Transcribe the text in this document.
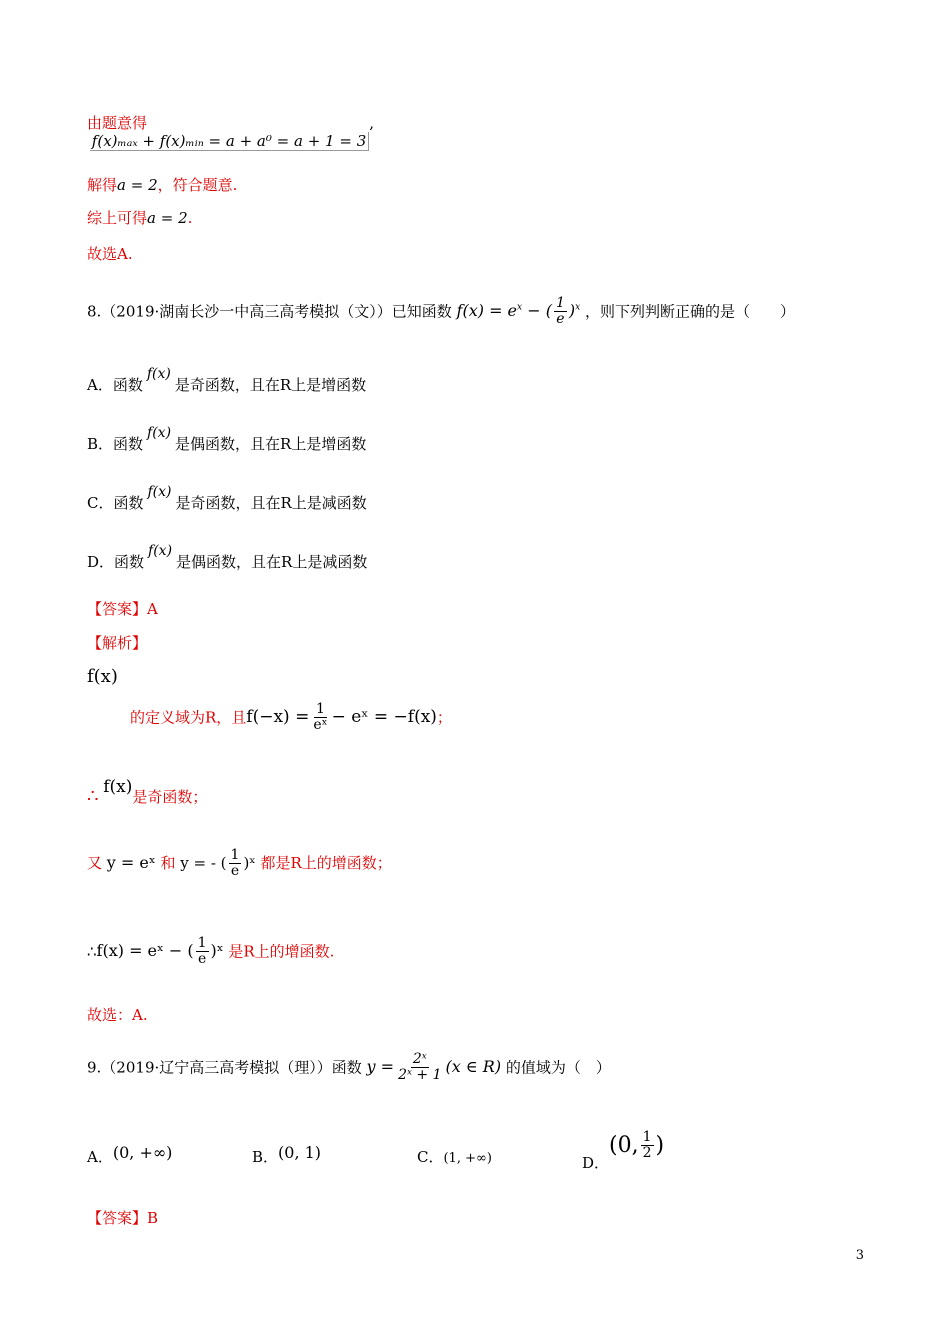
由题意得 f(x)ₘₐₓ + f(x)ₘᵢₙ = a + a⁰ = a + 1 = 3,
解得a = 2，符合题意.
综上可得a = 2.
故选A.
8.（2019·湖南长沙一中高三高考模拟（文））已知函数 $f(x) = e^x$ − ( $\frac{1}{e} )^x$ ，则下列判断正确的是（　　）
A．函数f(x)是奇函数，且在R上是增函数
B．函数f(x)是偶函数，且在R上是增函数
C．函数f(x)是奇函数，且在R上是减函数
D．函数f(x)是偶函数，且在R上是减函数
【答案】A
【解析】
f(x)
的定义域为R，且$f(-x) = \frac{1}{\text{eˣ}}$ − eˣ = −f(x)；
∴ f(x)是奇函数；
又 y = eˣ 和 y = - ( $\frac{1}{e}$ )ˣ 都是R上的增函数；
∴f(x) = eˣ − ( $\frac{1}{e}$ )ˣ 是R上的增函数.
故选：A.
9.（2019·辽宁高三高考模拟（理））函数 $y = \frac{\text{2ˣ}}{\text{2ˣ + 1}} (x$ ∈ R) 的值域为（　）
A．(0, +∞)	B．(0, 1)	C．(1, +∞)	D．(0, $\frac{1}{2}$ )
【答案】B
3
